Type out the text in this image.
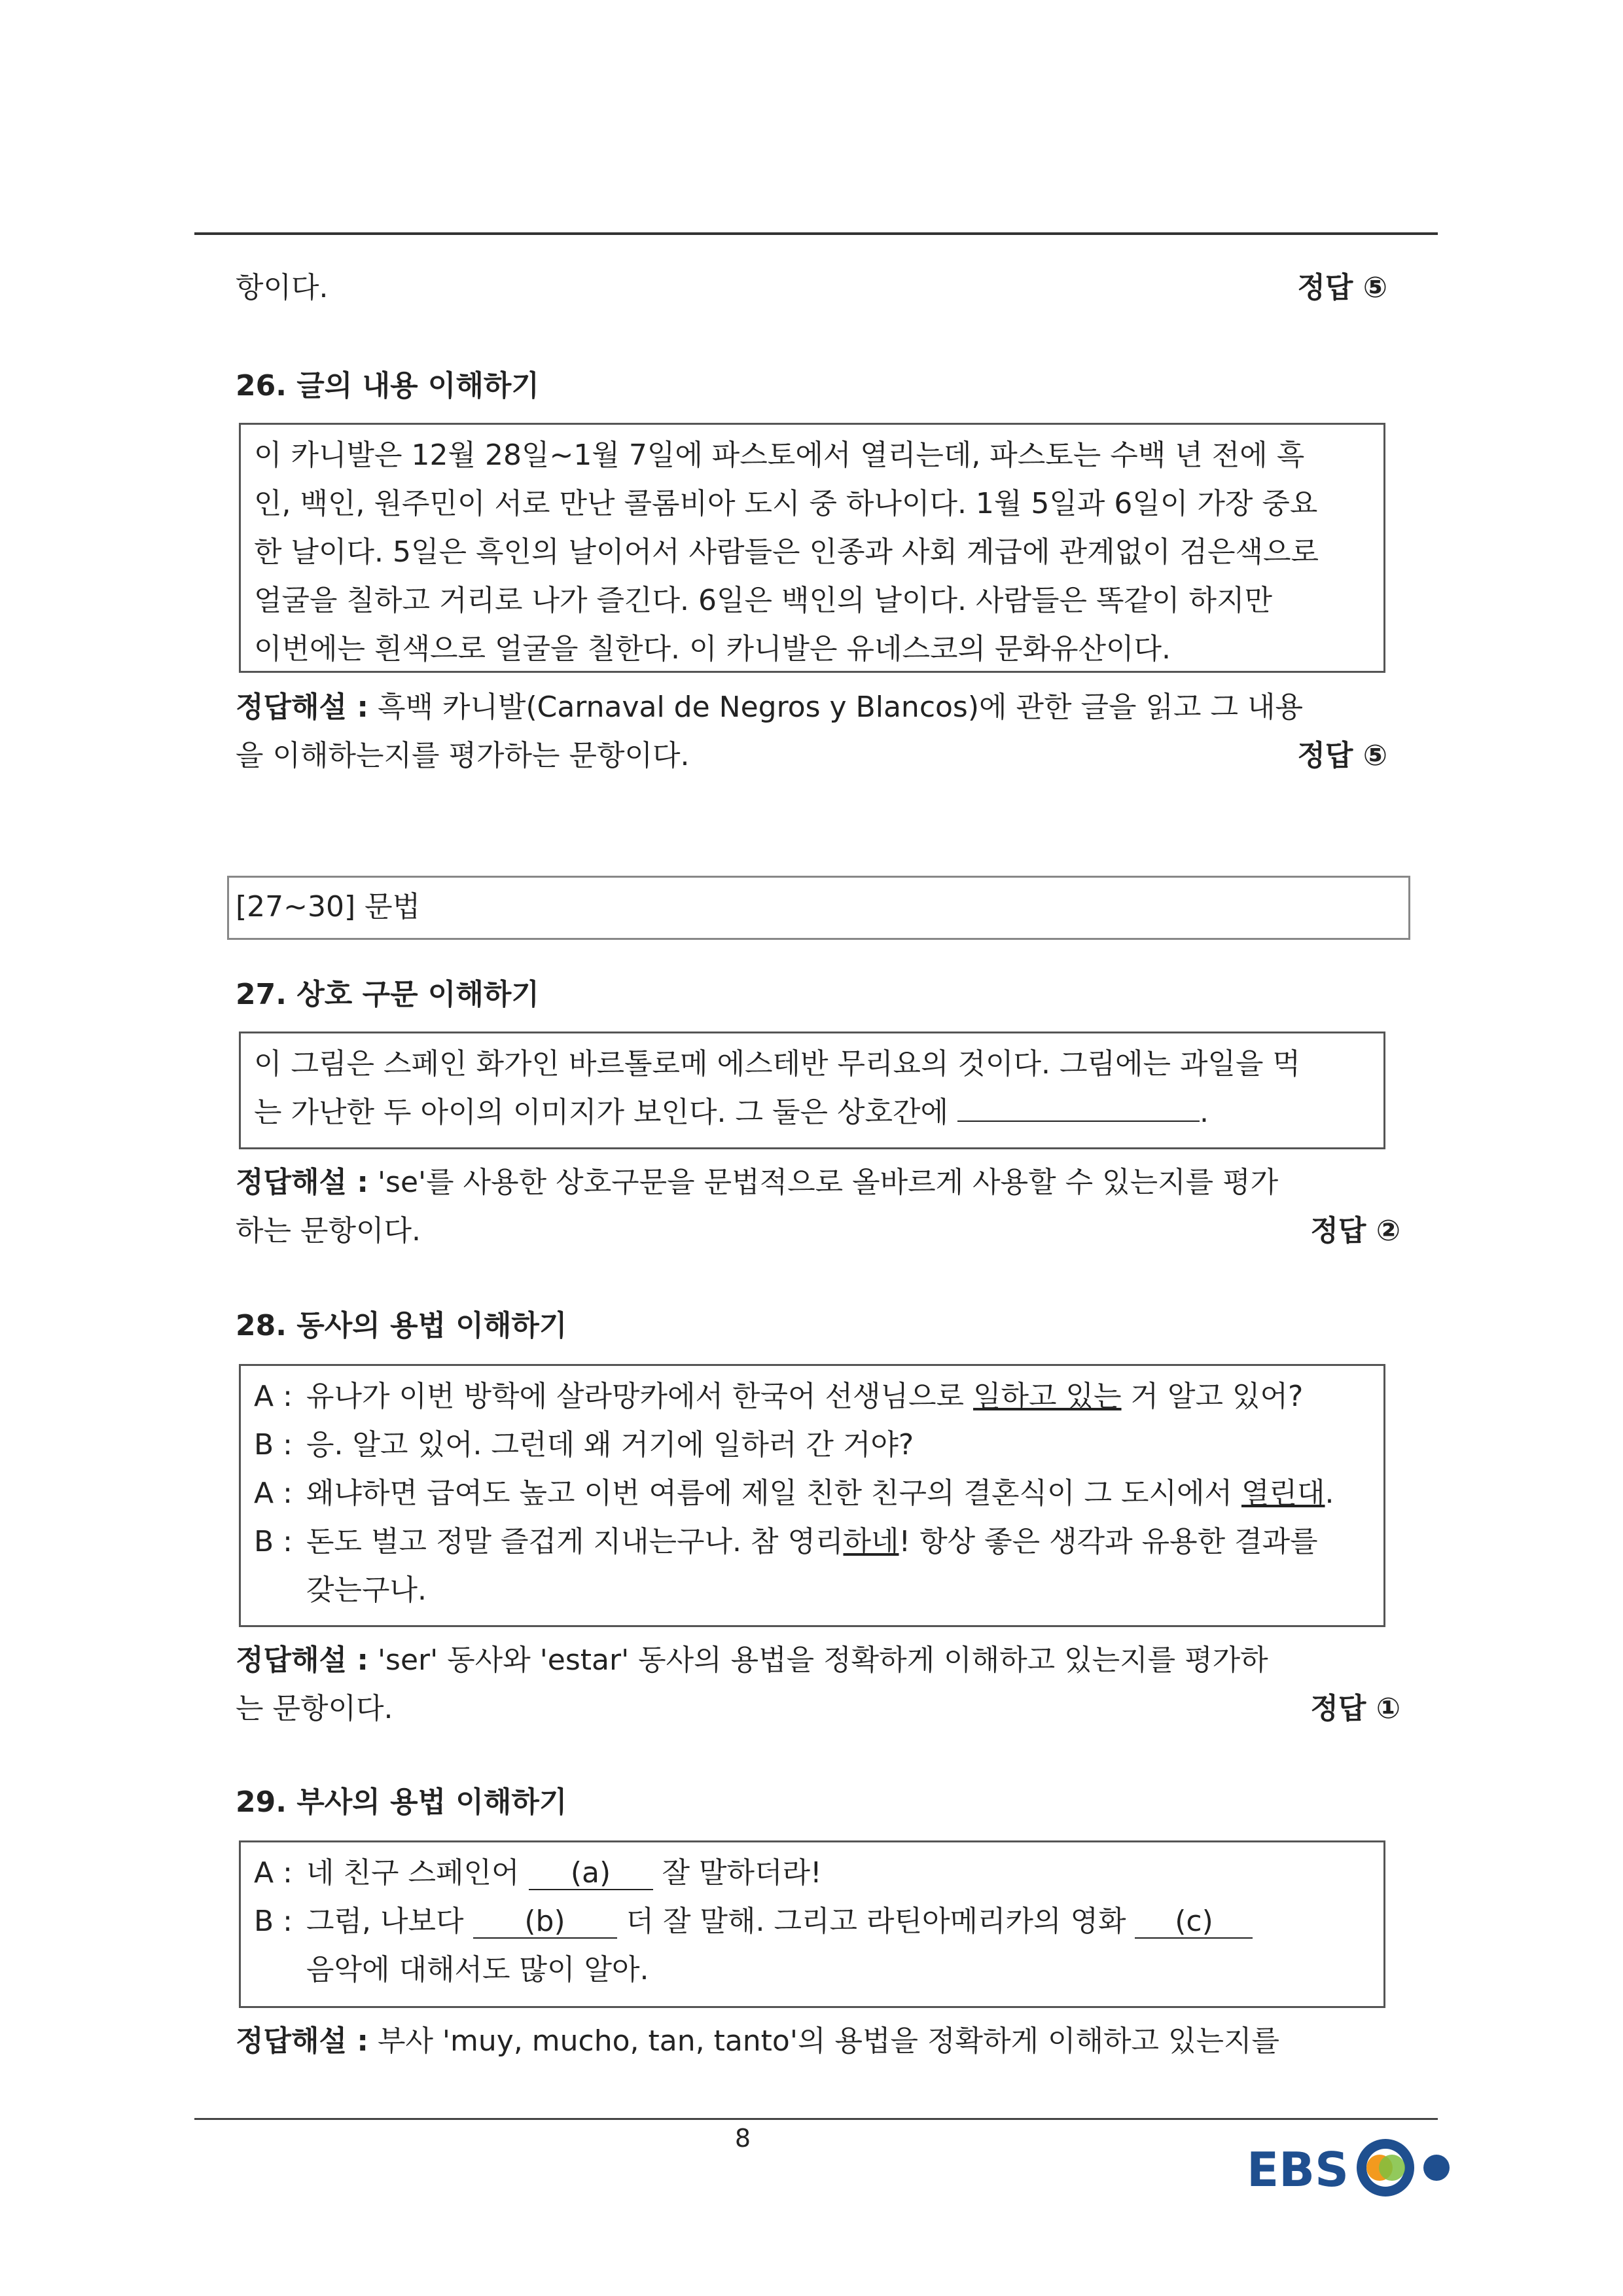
항이다.	정답 ⑤
26. 글의 내용 이해하기
이 카니발은 12월 28일~1월 7일에 파스토에서 열리는데, 파스토는 수백 년 전에 흑
인, 백인, 원주민이 서로 만난 콜롬비아 도시 중 하나이다. 1월 5일과 6일이 가장 중요
한 날이다. 5일은 흑인의 날이어서 사람들은 인종과 사회 계급에 관계없이 검은색으로
얼굴을 칠하고 거리로 나가 즐긴다. 6일은 백인의 날이다. 사람들은 똑같이 하지만
이번에는 흰색으로 얼굴을 칠한다. 이 카니발은 유네스코의 문화유산이다.
정답해설 : 흑백 카니발(Carnaval de Negros y Blancos)에 관한 글을 읽고 그 내용
을 이해하는지를 평가하는 문항이다.	정답 ⑤
[27~30] 문법
27. 상호 구문 이해하기
이 그림은 스페인 화가인 바르톨로메 에스테반 무리요의 것이다. 그림에는 과일을 먹
는 가난한 두 아이의 이미지가 보인다. 그 둘은 상호간에	.
정답해설 : 'se'를 사용한 상호구문을 문법적으로 올바르게 사용할 수 있는지를 평가
하는 문항이다.	정답 ②
28. 동사의 용법 이해하기
A : 유나가 이번 방학에 살라망카에서 한국어 선생님으로 일하고 있는 거 알고 있어?
B : 응. 알고 있어. 그런데 왜 거기에 일하러 간 거야?
A : 왜냐하면 급여도 높고 이번 여름에 제일 친한 친구의 결혼식이 그 도시에서 열린대.
B : 돈도 벌고 정말 즐겁게 지내는구나. 참 영리하네! 항상 좋은 생각과 유용한 결과를
갖는구나.
정답해설 : 'ser' 동사와 'estar' 동사의 용법을 정확하게 이해하고 있는지를 평가하
는 문항이다.	정답 ①
29. 부사의 용법 이해하기
A : 네 친구 스페인어 (a) 잘 말하더라!
B : 그럼, 나보다 (b) 더 잘 말해. 그리고 라틴아메리카의 영화 (c)
음악에 대해서도 많이 알아.
정답해설 : 부사 'muy, mucho, tan, tanto'의 용법을 정확하게 이해하고 있는지를
8
EBS
